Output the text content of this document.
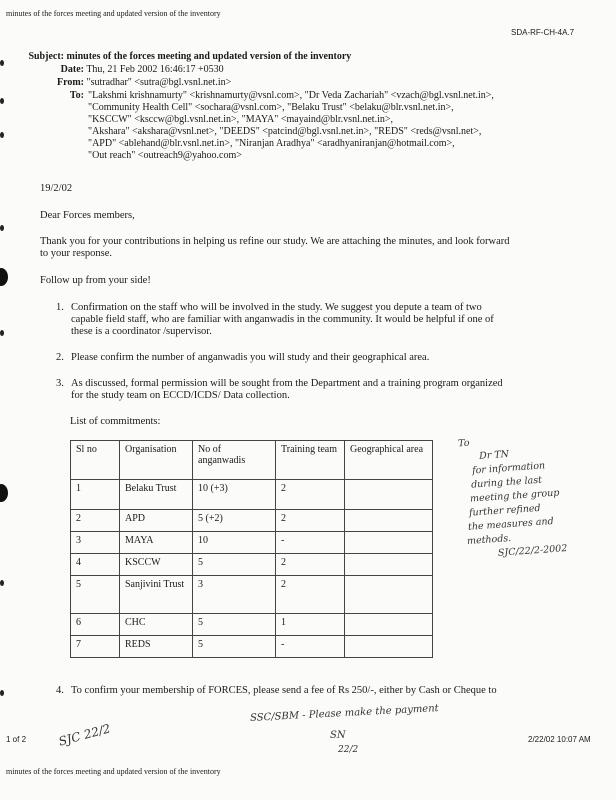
minutes of the forces meeting and updated version of the inventory
SDA-RF-CH-4A.7
Subject: minutes of the forces meeting and updated version of the inventory
Date: Thu, 21 Feb 2002 16:46:17 +0530
From: "sutradhar" <sutra@bgl.vsnl.net.in>
To: "Lakshmi krishnamurty" <krishnamurty@vsnl.com>, "Dr Veda Zachariah" <vzach@bgl.vsnl.net.in>,
"Community Health Cell" <sochara@vsnl.com>, "Belaku Trust" <belaku@blr.vsnl.net.in>,
"KSCCW" <ksccw@bgl.vsnl.net.in>, "MAYA" <mayaind@blr.vsnl.net.in>,
"Akshara" <akshara@vsnl.net>, "DEEDS" <patcind@bgl.vsnl.net.in>, "REDS" <reds@vsnl.net>,
"APD" <ablehand@blr.vsnl.net.in>, "Niranjan Aradhya" <aradhyaniranjan@hotmail.com>,
"Out reach" <outreach9@yahoo.com>
19/2/02
Dear Forces members,
Thank you for your contributions in helping us refine our study. We are attaching the minutes, and look forward
to your response.
Follow up from your side!
1. Confirmation on the staff who will be involved in the study. We suggest you depute a team of two
capable field staff, who are familiar with anganwadis in the community. It would be helpful if one of
these is a coordinator /supervisor.
2. Please confirm the number of anganwadis you will study and their geographical area.
3. As discussed, formal permission will be sought from the Department and a training program organized
for the study team on ECCD/ICDS/ Data collection.
List of commitments:
Sl no	Organisation	No of anganwadis	Training team	Geographical area
1	Belaku Trust	10 (+3)	2	
2	APD	5 (+2)	2	
3	MAYA	10	-	
4	KSCCW	5	2	
5	Sanjivini Trust	3	2	
6	CHC	5	1	
7	REDS	5	-	
To
Dr TN
for information
during the last
meeting the group
further refined
the measures and
methods.
SJC/22/2-2002
4. To confirm your membership of FORCES, please send a fee of Rs 250/-, either by Cash or Cheque to
SSC/SBM - Please make the payment
SN
22/2
SJC 22/2
1 of 2	2/22/02 10:07 AM
minutes of the forces meeting and updated version of the inventory
